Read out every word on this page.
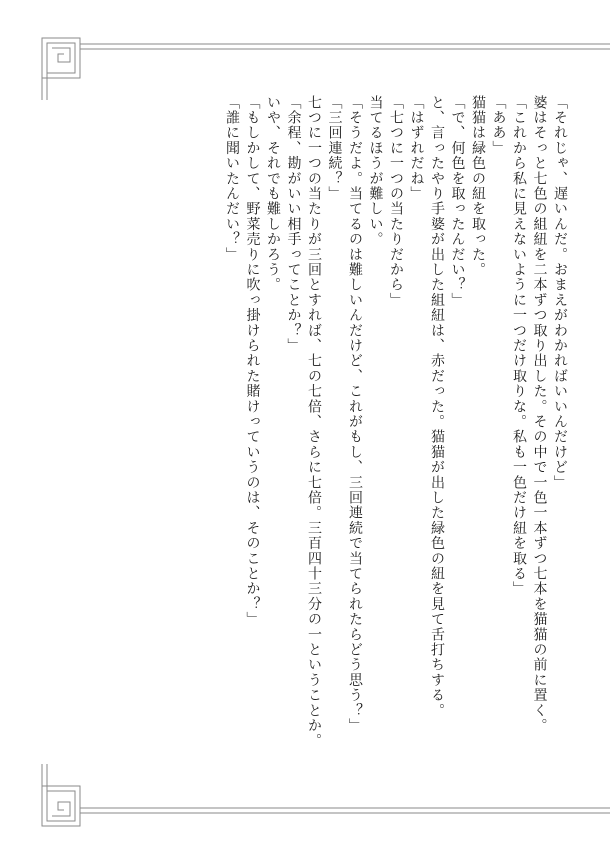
「それじゃ、遅いんだ。おまえがわかればいいんだけど」
婆はそっと七色の組紐を二本ずつ取り出した。その中で一色一本ずつ七本を猫猫の前に置く。
「これから私に見えないように一つだけ取りな。私も一色だけ紐を取る」
「ああ」
猫猫は緑色の紐を取った。
「で、何色を取ったんだい？」
と、言ったやり手婆が出した組紐は、赤だった。猫猫が出した緑色の紐を見て舌打ちする。
「はずれだね」
「七つに一つの当たりだから」
当てるほうが難しい。
「そうだよ。当てるのは難しいんだけど、これがもし、三回連続で当てられたらどう思う？」
「三回連続？」
七つに一つの当たりが三回とすれば、七の七倍、さらに七倍。三百四十三分の一ということか。
「余程、勘がいい相手ってことか？」
いや、それでも難しかろう。
「もしかして、野菜売りに吹っ掛けられた賭けっていうのは、そのことか？」
「誰に聞いたんだい？」
